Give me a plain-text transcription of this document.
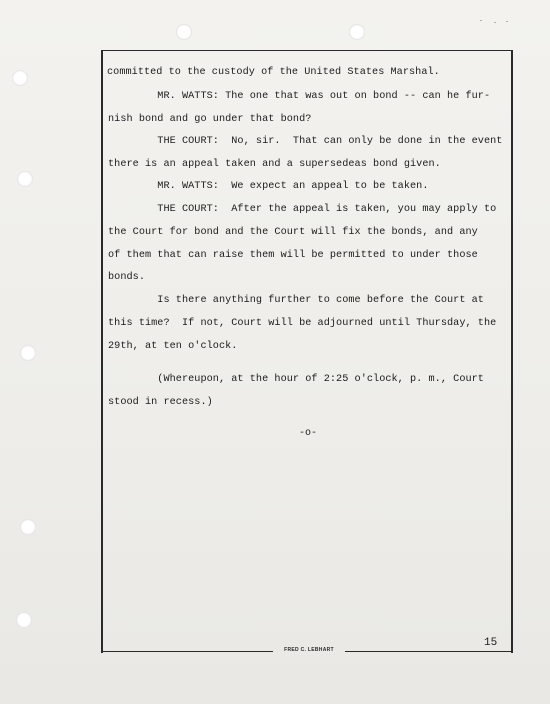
committed to the custody of the United States Marshal.
MR. WATTS: The one that was out on bond -- can he fur-
nish bond and go under that bond?
THE COURT:  No, sir.  That can only be done in the event
there is an appeal taken and a supersedeas bond given.
MR. WATTS:  We expect an appeal to be taken.
THE COURT:  After the appeal is taken, you may apply to
the Court for bond and the Court will fix the bonds, and any
of them that can raise them will be permitted to under those
bonds.
Is there anything further to come before the Court at
this time?  If not, Court will be adjourned until Thursday, the
29th, at ten o'clock.
(Whereupon, at the hour of 2:25 o'clock, p. m., Court
stood in recess.)
-o-
FRED C. LEBHART
15
